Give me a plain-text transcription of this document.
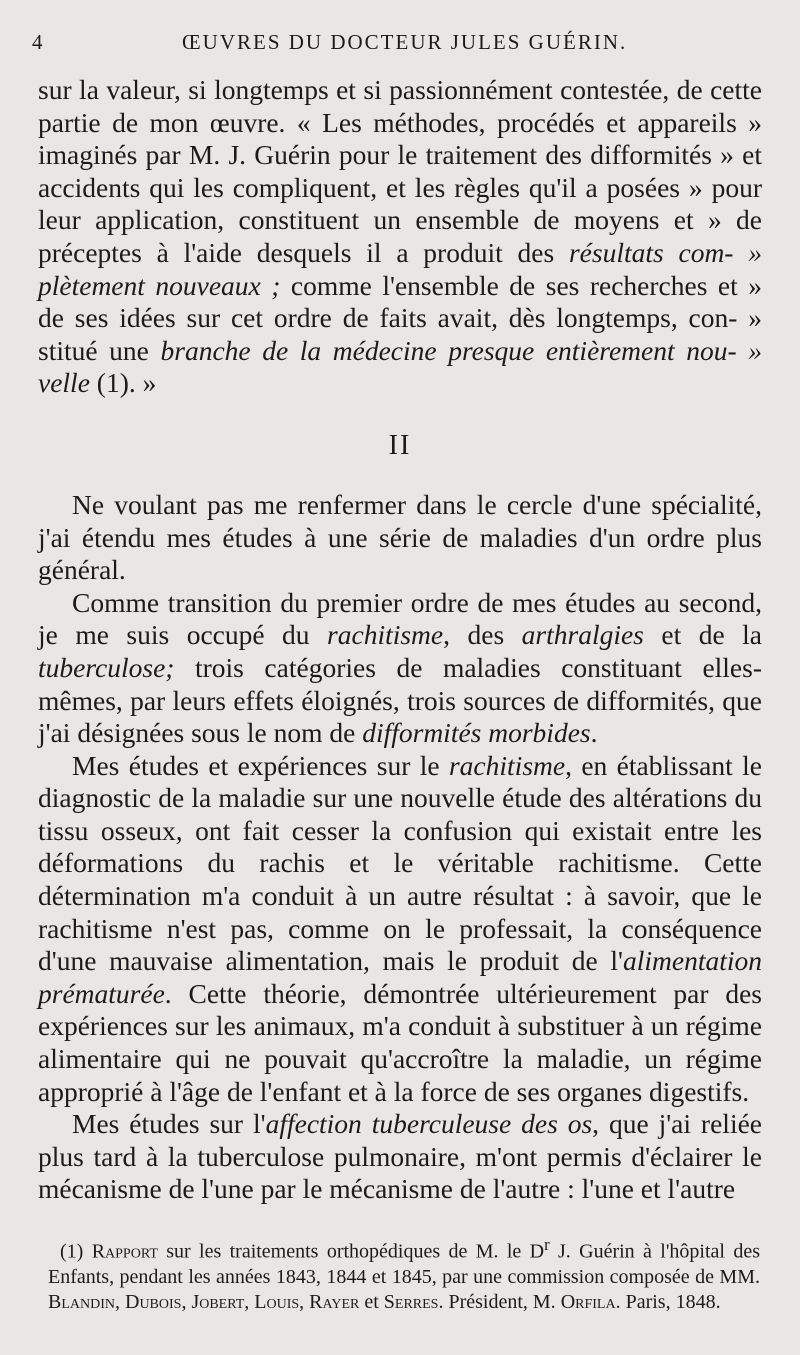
4	ŒUVRES DU DOCTEUR JULES GUÉRIN.

sur la valeur, si longtemps et si passionnément contestée, de cette partie de mon œuvre. « Les méthodes, procédés et appareils » imaginés par M. J. Guérin pour le traitement des difformités » et accidents qui les compliquent, et les règles qu'il a posées » pour leur application, constituent un ensemble de moyens et » de préceptes à l'aide desquels il a produit des résultats com- » plètement nouveaux ; comme l'ensemble de ses recherches et » de ses idées sur cet ordre de faits avait, dès longtemps, con- » stitué une branche de la médecine presque entièrement nou- » velle (1). »

II

Ne voulant pas me renfermer dans le cercle d'une spécialité, j'ai étendu mes études à une série de maladies d'un ordre plus général.

Comme transition du premier ordre de mes études au second, je me suis occupé du rachitisme, des arthralgies et de la tuberculose; trois catégories de maladies constituant elles-mêmes, par leurs effets éloignés, trois sources de difformités, que j'ai désignées sous le nom de difformités morbides.

Mes études et expériences sur le rachitisme, en établissant le diagnostic de la maladie sur une nouvelle étude des altérations du tissu osseux, ont fait cesser la confusion qui existait entre les déformations du rachis et le véritable rachitisme. Cette détermination m'a conduit à un autre résultat : à savoir, que le rachitisme n'est pas, comme on le professait, la conséquence d'une mauvaise alimentation, mais le produit de l'alimentation prématurée. Cette théorie, démontrée ultérieurement par des expériences sur les animaux, m'a conduit à substituer à un régime alimentaire qui ne pouvait qu'accroître la maladie, un régime approprié à l'âge de l'enfant et à la force de ses organes digestifs.

Mes études sur l'affection tuberculeuse des os, que j'ai reliée plus tard à la tuberculose pulmonaire, m'ont permis d'éclairer le mécanisme de l'une par le mécanisme de l'autre : l'une et l'autre

(1) Rapport sur les traitements orthopédiques de M. le $D^r$ J. Guérin à l'hôpital des Enfants, pendant les années 1843, 1844 et 1845, par une commission composée de MM. Blandin, Dubois, Jobert, Louis, Rayer et Serres. Président, M. Orfila. Paris, 1848.
